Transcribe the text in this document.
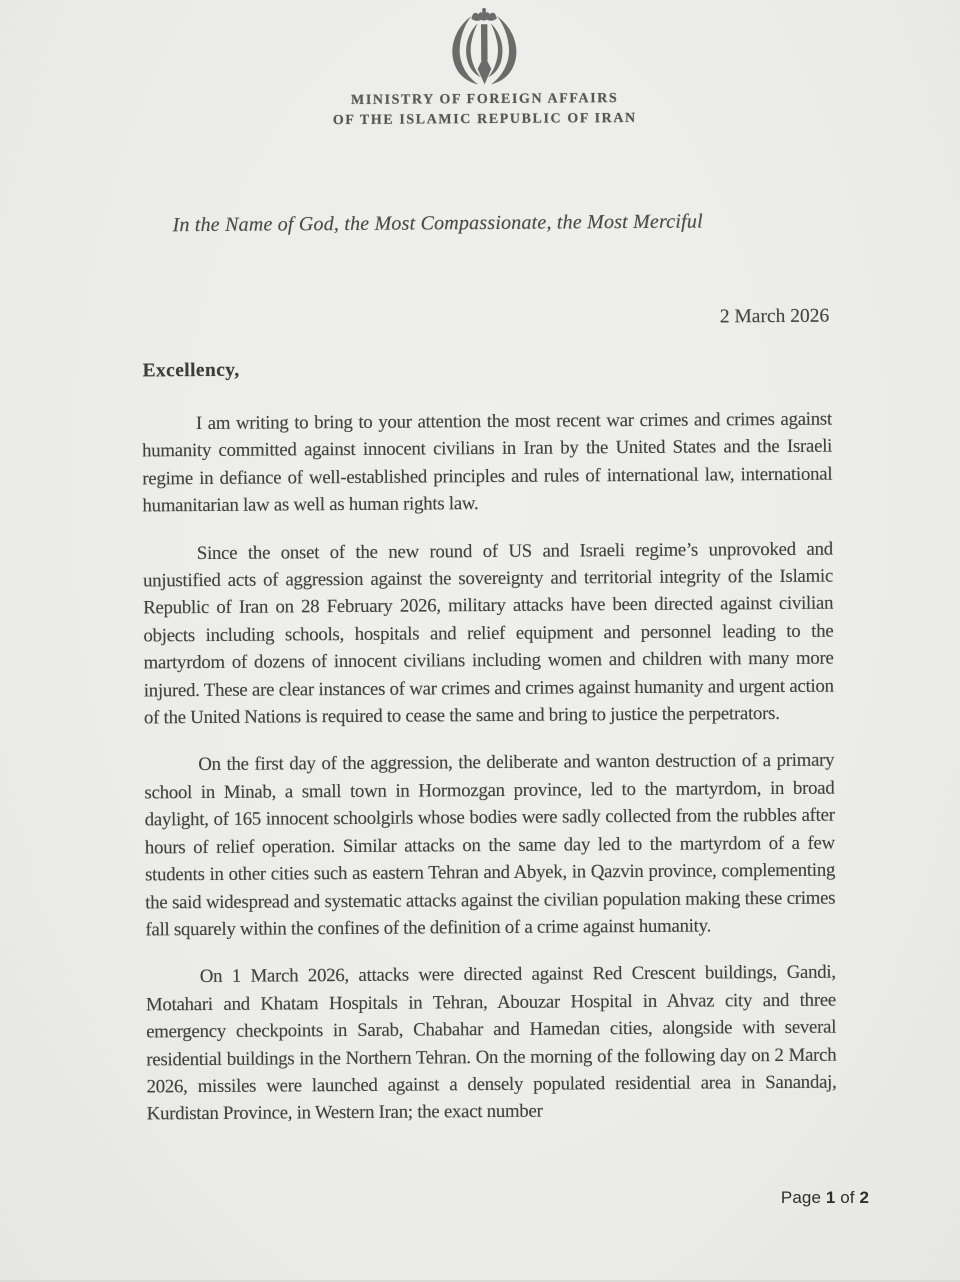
MINISTRY OF FOREIGN AFFAIRS
OF THE ISLAMIC REPUBLIC OF IRAN

In the Name of God, the Most Compassionate, the Most Merciful

2 March 2026

Excellency,

I am writing to bring to your attention the most recent war crimes and crimes against humanity committed against innocent civilians in Iran by the United States and the Israeli regime in defiance of well-established principles and rules of international law, international humanitarian law as well as human rights law.

Since the onset of the new round of US and Israeli regime’s unprovoked and unjustified acts of aggression against the sovereignty and territorial integrity of the Islamic Republic of Iran on 28 February 2026, military attacks have been directed against civilian objects including schools, hospitals and relief equipment and personnel leading to the martyrdom of dozens of innocent civilians including women and children with many more injured. These are clear instances of war crimes and crimes against humanity and urgent action of the United Nations is required to cease the same and bring to justice the perpetrators.

On the first day of the aggression, the deliberate and wanton destruction of a primary school in Minab, a small town in Hormozgan province, led to the martyrdom, in broad daylight, of 165 innocent schoolgirls whose bodies were sadly collected from the rubbles after hours of relief operation. Similar attacks on the same day led to the martyrdom of a few students in other cities such as eastern Tehran and Abyek, in Qazvin province, complementing the said widespread and systematic attacks against the civilian population making these crimes fall squarely within the confines of the definition of a crime against humanity.

On 1 March 2026, attacks were directed against Red Crescent buildings, Gandi, Motahari and Khatam Hospitals in Tehran, Abouzar Hospital in Ahvaz city and three emergency checkpoints in Sarab, Chabahar and Hamedan cities, alongside with several residential buildings in the Northern Tehran. On the morning of the following day on 2 March 2026, missiles were launched against a densely populated residential area in Sanandaj, Kurdistan Province, in Western Iran; the exact number

Page 1 of 2
